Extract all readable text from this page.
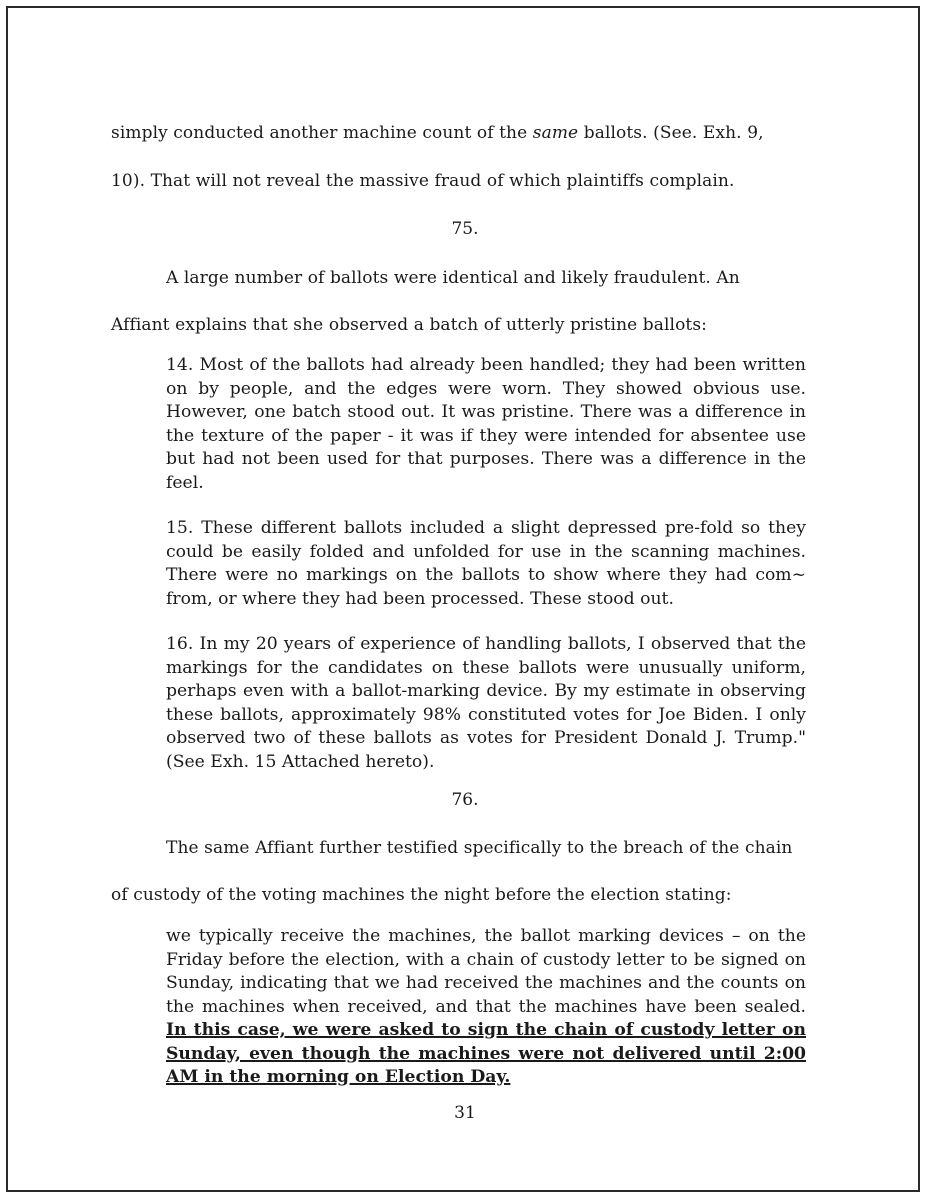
simply conducted another machine count of the same ballots. (See. Exh. 9,

10). That will not reveal the massive fraud of which plaintiffs complain.

75.

A large number of ballots were identical and likely fraudulent. An

Affiant explains that she observed a batch of utterly pristine ballots:

14. Most of the ballots had already been handled; they had been written on by people, and the edges were worn. They showed obvious use. However, one batch stood out. It was pristine. There was a difference in the texture of the paper - it was if they were intended for absentee use but had not been used for that purposes. There was a difference in the feel.

15. These different ballots included a slight depressed pre-fold so they could be easily folded and unfolded for use in the scanning machines. There were no markings on the ballots to show where they had com~ from, or where they had been processed. These stood out.

16. In my 20 years of experience of handling ballots, I observed that the markings for the candidates on these ballots were unusually uniform, perhaps even with a ballot-marking device. By my estimate in observing these ballots, approximately 98% constituted votes for Joe Biden. I only observed two of these ballots as votes for President Donald J. Trump." (See Exh. 15 Attached hereto).

76.

The same Affiant further testified specifically to the breach of the chain

of custody of the voting machines the night before the election stating:

we typically receive the machines, the ballot marking devices – on the Friday before the election, with a chain of custody letter to be signed on Sunday, indicating that we had received the machines and the counts on the machines when received, and that the machines have been sealed. In this case, we were asked to sign the chain of custody letter on Sunday, even though the machines were not delivered until 2:00 AM in the morning on Election Day.

31
